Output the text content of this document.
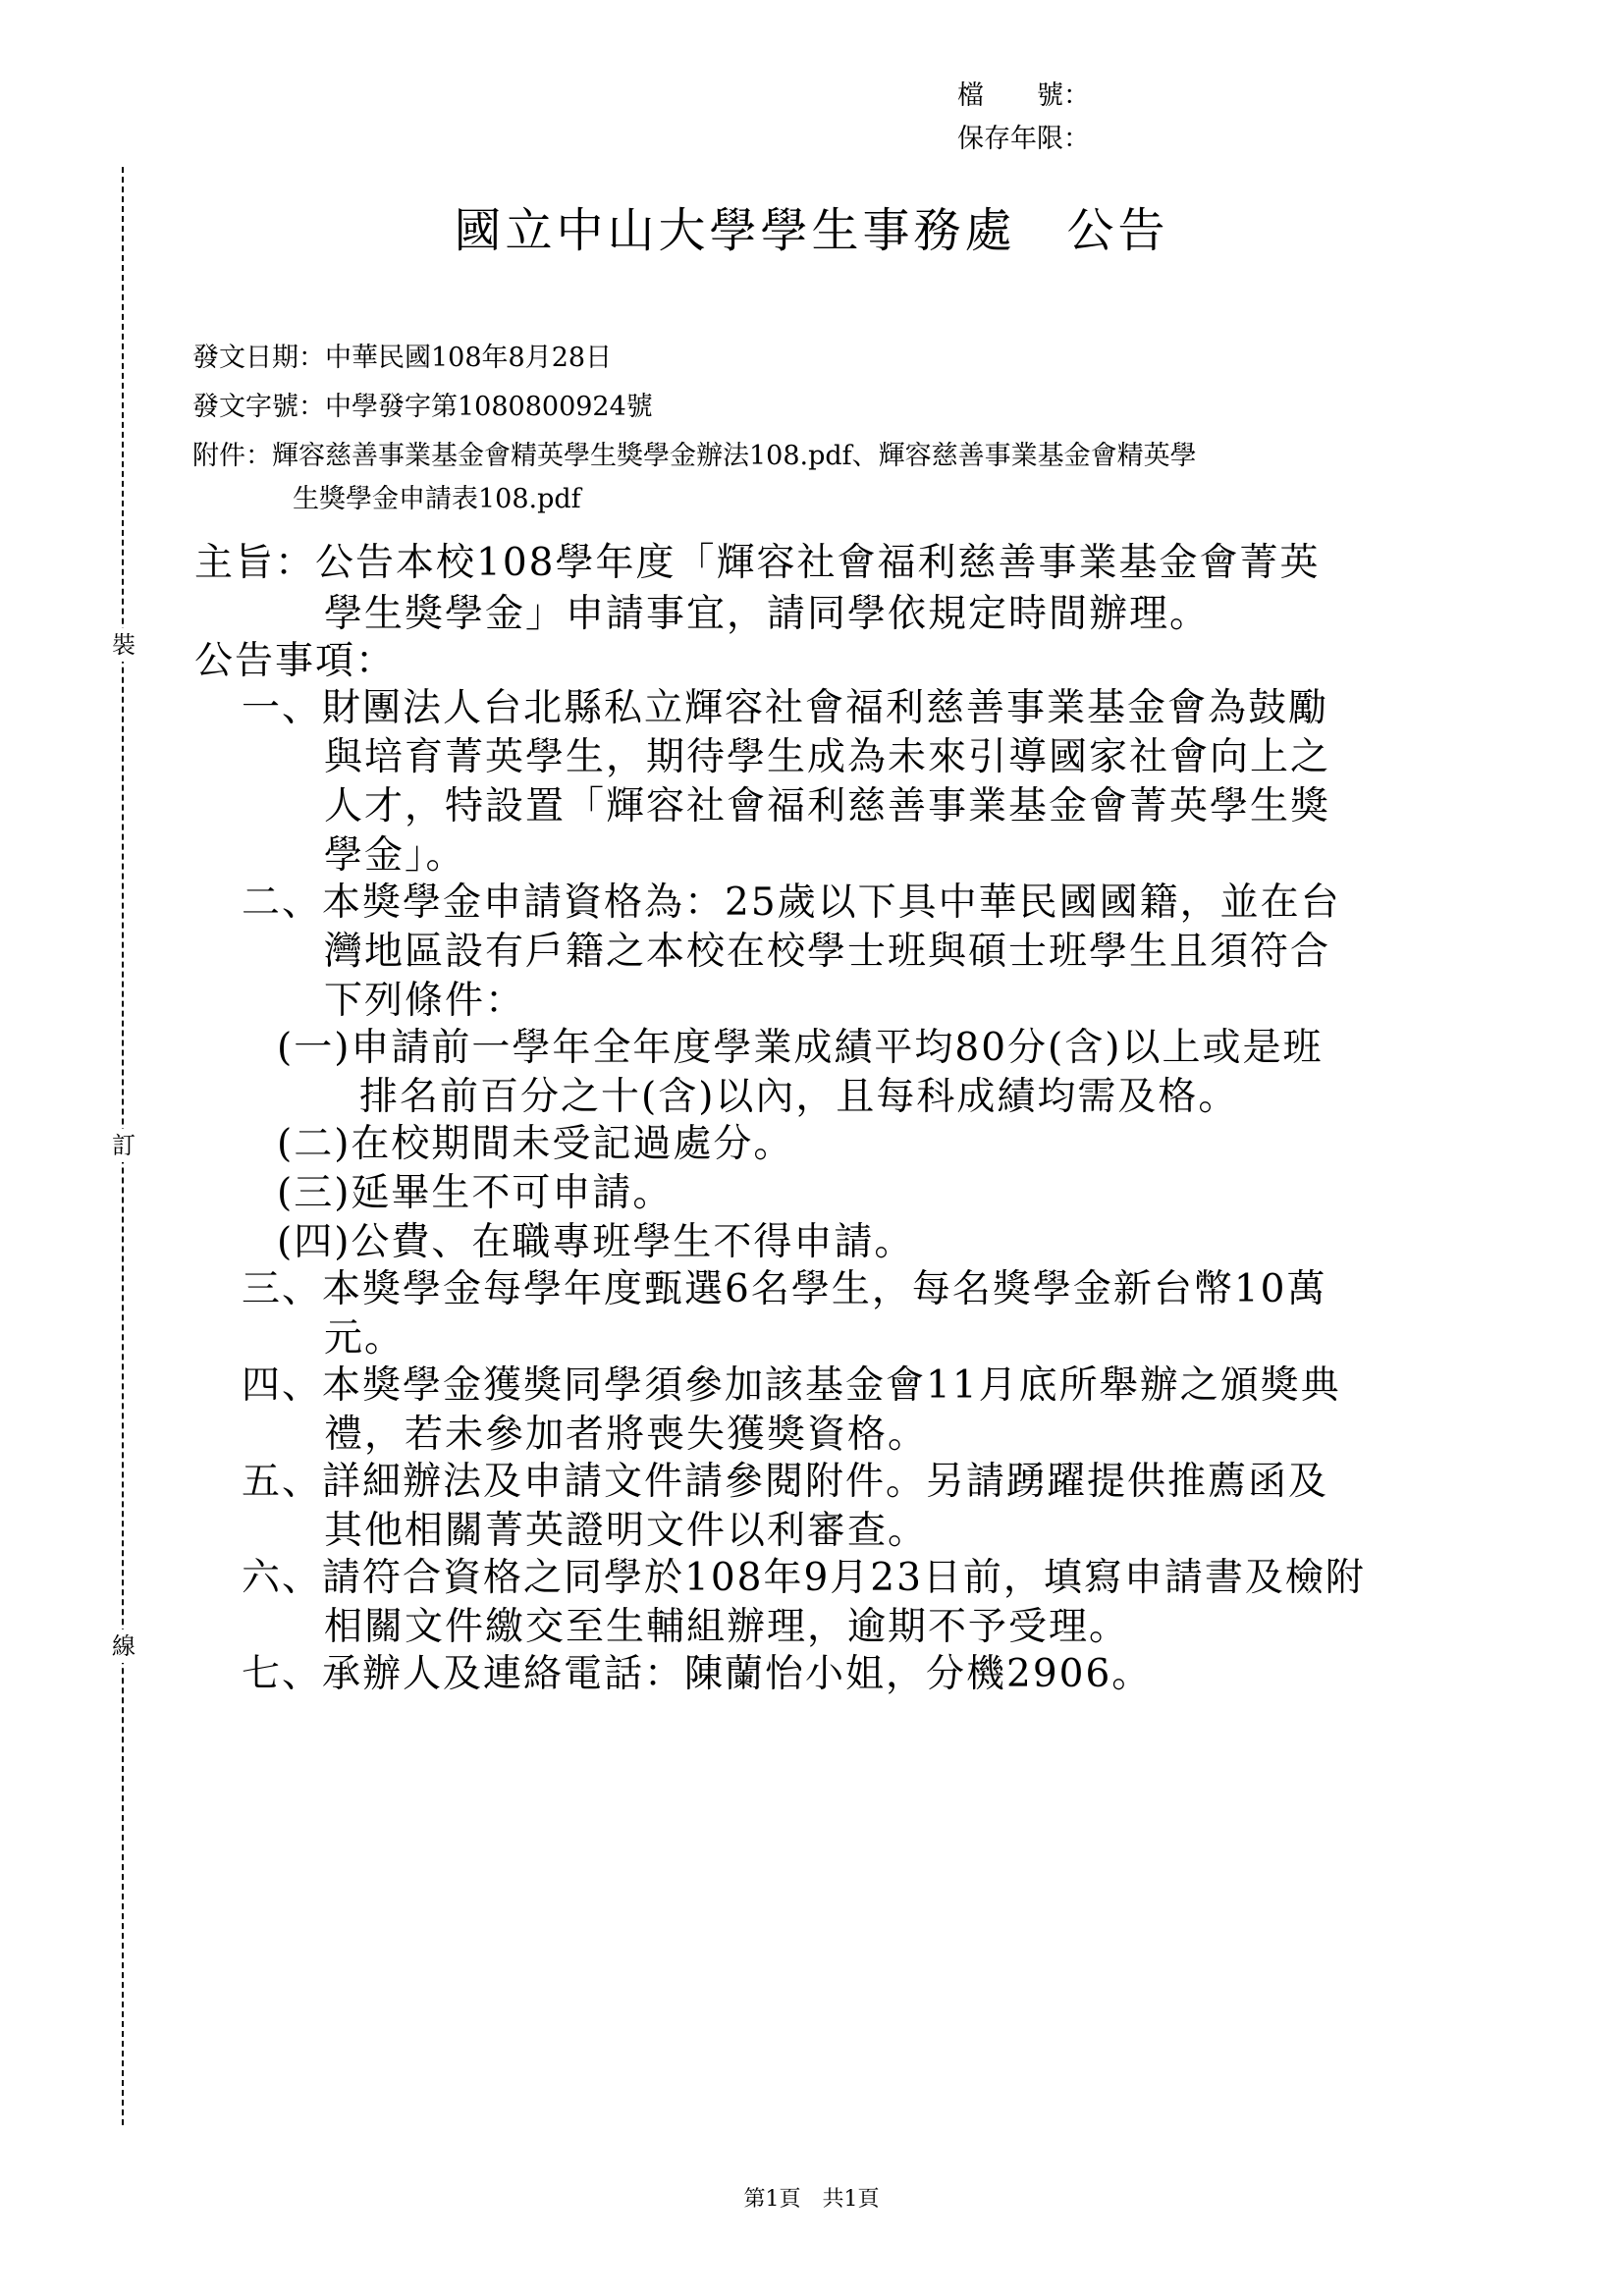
檔　　號：
保存年限：
裝
訂
線
國立中山大學學生事務處　公告
發文日期：中華民國108年8月28日
發文字號：中學發字第1080800924號
附件：輝容慈善事業基金會精英學生獎學金辦法108.pdf、輝容慈善事業基金會精英學
生獎學金申請表108.pdf
主旨：公告本校108學年度「輝容社會福利慈善事業基金會菁英
學生獎學金」申請事宜，請同學依規定時間辦理。
公告事項：
一、財團法人台北縣私立輝容社會福利慈善事業基金會為鼓勵
與培育菁英學生，期待學生成為未來引導國家社會向上之
人才，特設置「輝容社會福利慈善事業基金會菁英學生獎
學金」。
二、本獎學金申請資格為：25歲以下具中華民國國籍，並在台
灣地區設有戶籍之本校在校學士班與碩士班學生且須符合
下列條件：
(一)申請前一學年全年度學業成績平均80分(含)以上或是班
排名前百分之十(含)以內，且每科成績均需及格。
(二)在校期間未受記過處分。
(三)延畢生不可申請。
(四)公費、在職專班學生不得申請。
三、本獎學金每學年度甄選6名學生，每名獎學金新台幣10萬
元。
四、本獎學金獲獎同學須參加該基金會11月底所舉辦之頒獎典
禮，若未參加者將喪失獲獎資格。
五、詳細辦法及申請文件請參閱附件。另請踴躍提供推薦函及
其他相關菁英證明文件以利審查。
六、請符合資格之同學於108年9月23日前，填寫申請書及檢附
相關文件繳交至生輔組辦理，逾期不予受理。
七、承辦人及連絡電話：陳蘭怡小姐，分機2906。
第1頁　共1頁
